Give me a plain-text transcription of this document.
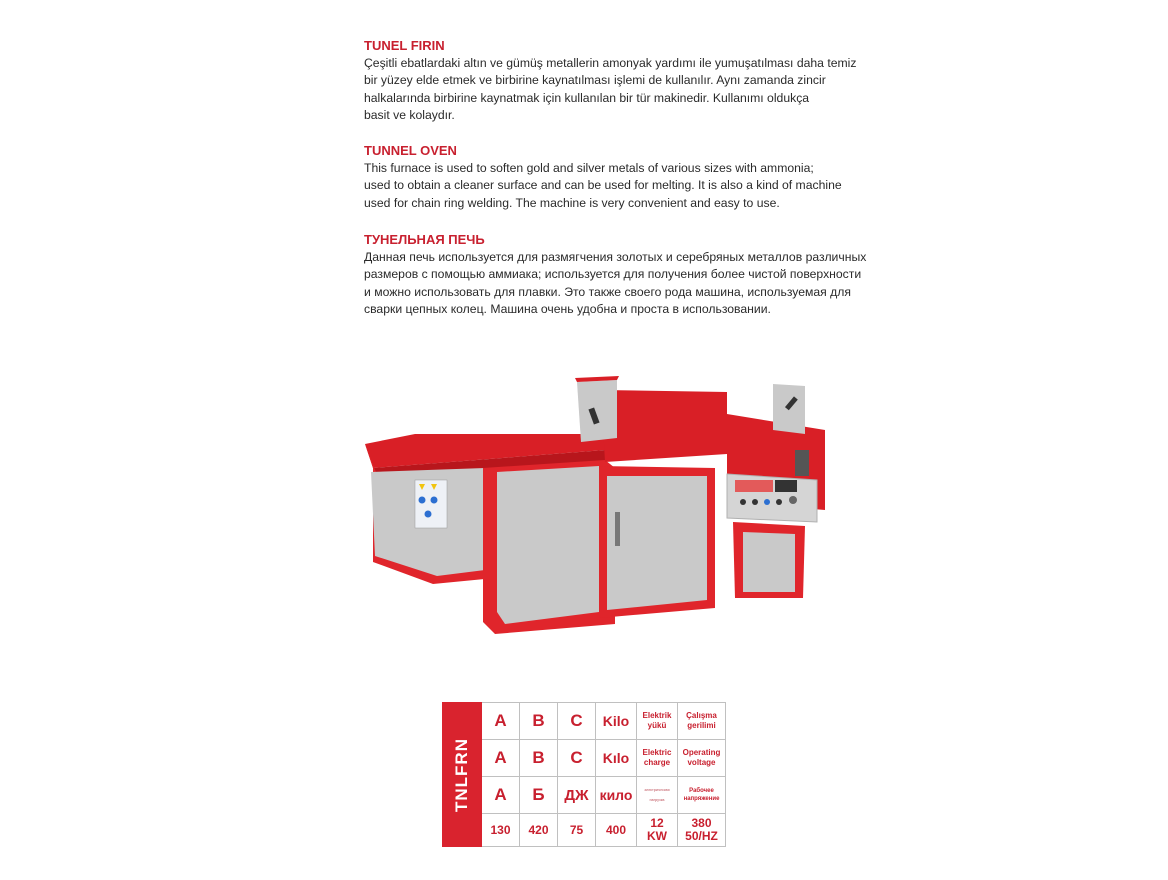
TUNEL FIRIN

Çeşitli ebatlardaki altın ve gümüş metallerin amonyak yardımı ile yumuşatılması daha temiz
bir yüzey elde etmek ve birbirine kaynatılması işlemi de kullanılır. Aynı zamanda zincir
halkalarında birbirine kaynatmak için kullanılan bir tür makinedir. Kullanımı oldukça
basit ve kolaydır.

TUNNEL OVEN

This furnace is used to soften gold and silver metals of various sizes with ammonia;
used to obtain a cleaner surface and can be used for melting. It is also a kind of machine
used for chain ring welding. The machine is very convenient and easy to use.

ТУНЕЛЬНАЯ ПЕЧЬ

Данная печь используется для размягчения золотых и серебряных металлов различных
размеров с помощью аммиака; используется для получения более чистой поверхности
и можно использовать для плавки. Это также своего рода машина, используемая для
сварки цепных колец. Машина очень удобна и проста в использовании.

TNLFRN	A	B	C	Kilo	Elektrik yükü	Çalışma gerilimi
	A	B	C	Kılo	Elektric charge	Operating voltage
	А	Б	ДЖ	кило	электрическая нагрузка	Рабочее напряжение
	130	420	75	400	12 KW	380 50/HZ
